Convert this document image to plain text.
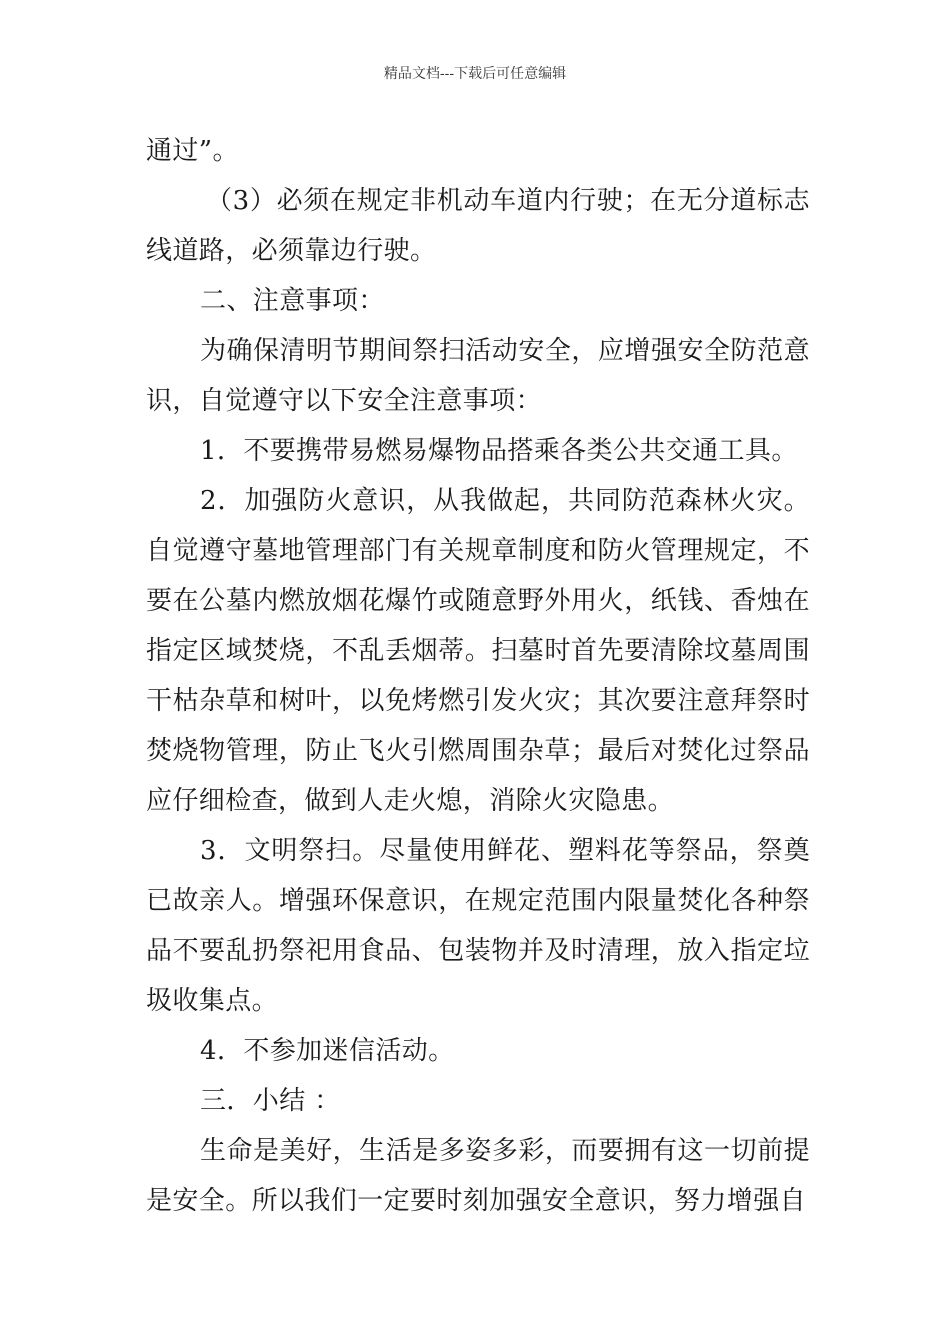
精品文档---下载后可任意编辑

通过”。

（3）必须在规定非机动车道内行驶；在无分道标志线道路，必须靠边行驶。

二、注意事项：

为确保清明节期间祭扫活动安全，应增强安全防范意识，自觉遵守以下安全注意事项：

1．不要携带易燃易爆物品搭乘各类公共交通工具。

2．加强防火意识，从我做起，共同防范森林火灾。自觉遵守墓地管理部门有关规章制度和防火管理规定，不要在公墓内燃放烟花爆竹或随意野外用火，纸钱、香烛在指定区域焚烧，不乱丢烟蒂。扫墓时首先要清除坟墓周围干枯杂草和树叶，以免烤燃引发火灾；其次要注意拜祭时焚烧物管理，防止飞火引燃周围杂草；最后对焚化过祭品应仔细检查，做到人走火熄，消除火灾隐患。

3．文明祭扫。尽量使用鲜花、塑料花等祭品，祭奠已故亲人。增强环保意识，在规定范围内限量焚化各种祭品不要乱扔祭祀用食品、包装物并及时清理，放入指定垃圾收集点。

4．不参加迷信活动。

三．小结 ：

生命是美好，生活是多姿多彩，而要拥有这一切前提是安全。所以我们一定要时刻加强安全意识，努力增强自
